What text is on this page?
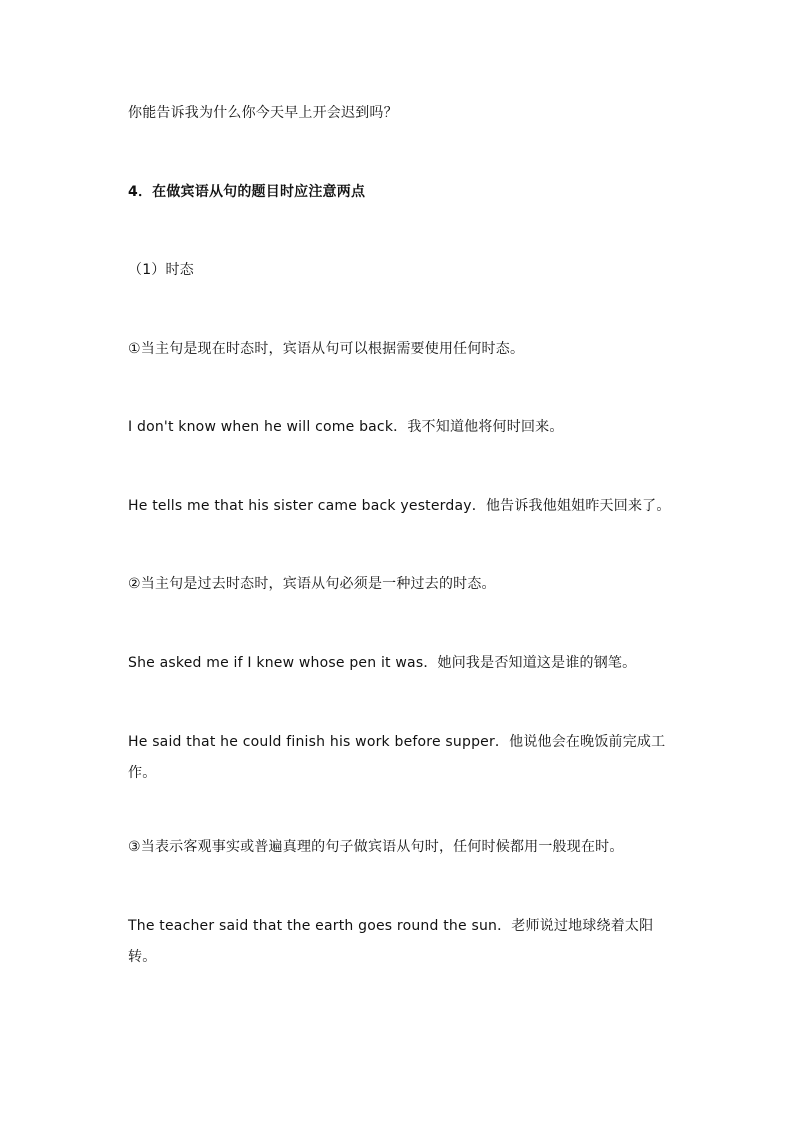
你能告诉我为什么你今天早上开会迟到吗？
4．在做宾语从句的题目时应注意两点
（1）时态
①当主句是现在时态时，宾语从句可以根据需要使用任何时态。
I don't know when he will come back．我不知道他将何时回来。
He tells me that his sister came back yesterday．他告诉我他姐姐昨天回来了。
②当主句是过去时态时，宾语从句必须是一种过去的时态。
She asked me if I knew whose pen it was．她问我是否知道这是谁的钢笔。
He said that he could finish his work before supper．他说他会在晚饭前完成工作。
③当表示客观事实或普遍真理的句子做宾语从句时，任何时候都用一般现在时。
The teacher said that the earth goes round the sun．老师说过地球绕着太阳转。
